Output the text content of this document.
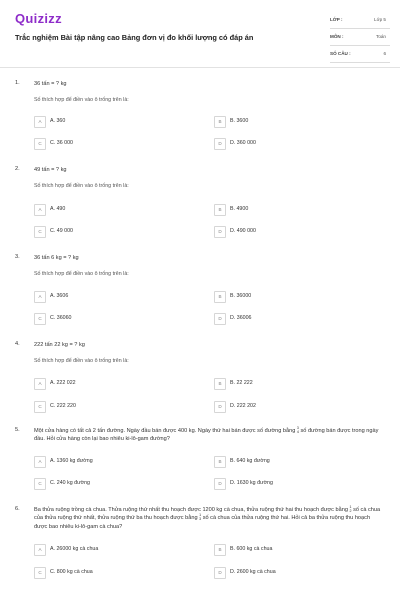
Quizizz
Trắc nghiệm Bài tập nâng cao Bảng đơn vị đo khối lượng có đáp án
LỚP :	Lớp 5
MÔN :	Toán
SỐ CÂU :	6
1.	36 tấn = ? kg
Số thích hợp để điền vào ô trống trên là:
A	A. 360	B	B. 3600
C	C. 36 000	D	D. 360 000
2.	49 tấn = ? kg
Số thích hợp để điền vào ô trống trên là:
A	A. 490	B	B. 4900
C	C. 49 000	D	D. 490 000
3.	36 tấn 6 kg = ? kg
Số thích hợp để điền vào ô trống trên là:
A	A. 3606	B	B. 36000
C	C. 36060	D	D. 36006
4.	222 tấn 22 kg = ? kg
Số thích hợp để điền vào ô trống trên là:
A	A. 222 022	B	B. 22 222
C	C. 222 220	D	D. 222 202
5.	Một cửa hàng có tất cả 2 tấn đường. Ngày đầu bán được 400 kg. Ngày thứ hai bán được số đường bằng 3
4 số đường bán được trong ngày đầu. Hỏi cửa hàng còn lại bao nhiêu ki-lô-gam đường?
A	A. 1360 kg đường	B	B. 640 kg đường
C	C. 240 kg đường	D	D. 1630 kg đường
6.	Ba thửa ruộng trồng cà chua. Thửa ruộng thứ nhất thu hoạch được 1200 kg cà chua, thửa ruộng thứ hai thu hoạch được bằng 1
2 số cà chua của thửa ruộng thứ nhất, thửa ruộng thứ ba thu hoạch được bằng 1
3 số cà chua của thửa ruộng thứ hai. Hỏi cả ba thửa ruộng thu hoạch được bao nhiêu ki-lô-gam cà chua?
A	A. 26000 kg cà chua	B	B. 600 kg cà chua
C	C. 800 kg cà chua	D	D. 2600 kg cà chua
